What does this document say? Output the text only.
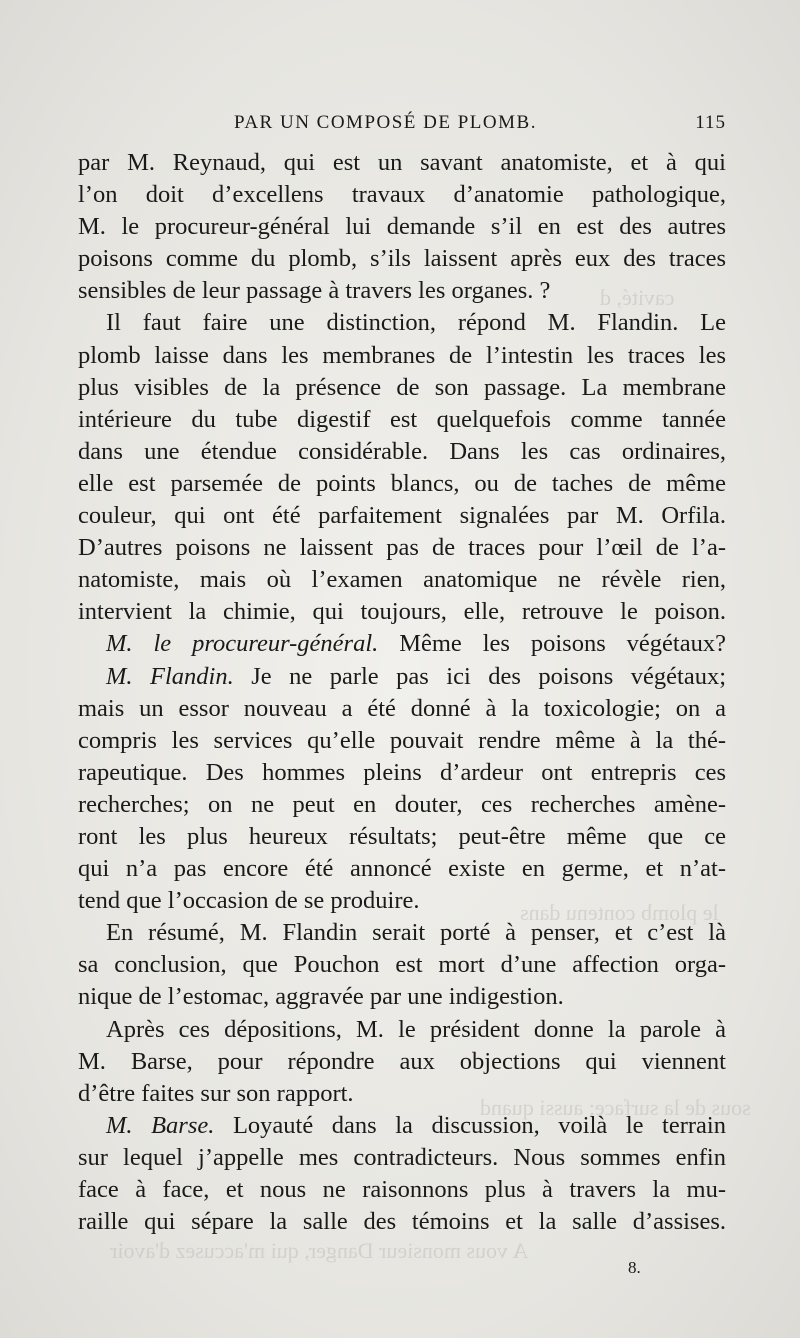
cavité, d
le plomb contenu dans
sous de la surface; aussi quand
A vous monsieur Danger, qui m'accusez d'avoir
PAR UN COMPOSÉ DE PLOMB.	115
par M. Reynaud, qui est un savant anatomiste, et à qui
l’on doit d’excellens travaux d’anatomie pathologique,
M. le procureur-général lui demande s’il en est des autres
poisons comme du plomb, s’ils laissent après eux des traces
sensibles de leur passage à travers les organes. ?
Il faut faire une distinction, répond M. Flandin. Le
plomb laisse dans les membranes de l’intestin les traces les
plus visibles de la présence de son passage. La membrane
intérieure du tube digestif est quelquefois comme tannée
dans une étendue considérable. Dans les cas ordinaires,
elle est parsemée de points blancs, ou de taches de même
couleur, qui ont été parfaitement signalées par M. Orfila.
D’autres poisons ne laissent pas de traces pour l’œil de l’a-
natomiste, mais où l’examen anatomique ne révèle rien,
intervient la chimie, qui toujours, elle, retrouve le poison.
M. le procureur-général. Même les poisons végétaux?
M. Flandin. Je ne parle pas ici des poisons végétaux;
mais un essor nouveau a été donné à la toxicologie; on a
compris les services qu’elle pouvait rendre même à la thé-
rapeutique. Des hommes pleins d’ardeur ont entrepris ces
recherches; on ne peut en douter, ces recherches amène-
ront les plus heureux résultats; peut-être même que ce
qui n’a pas encore été annoncé existe en germe, et n’at-
tend que l’occasion de se produire.
En résumé, M. Flandin serait porté à penser, et c’est là
sa conclusion, que Pouchon est mort d’une affection orga-
nique de l’estomac, aggravée par une indigestion.
Après ces dépositions, M. le président donne la parole à
M. Barse, pour répondre aux objections qui viennent
d’être faites sur son rapport.
M. Barse. Loyauté dans la discussion, voilà le terrain
sur lequel j’appelle mes contradicteurs. Nous sommes enfin
face à face, et nous ne raisonnons plus à travers la mu-
raille qui sépare la salle des témoins et la salle d’assises.
8.
